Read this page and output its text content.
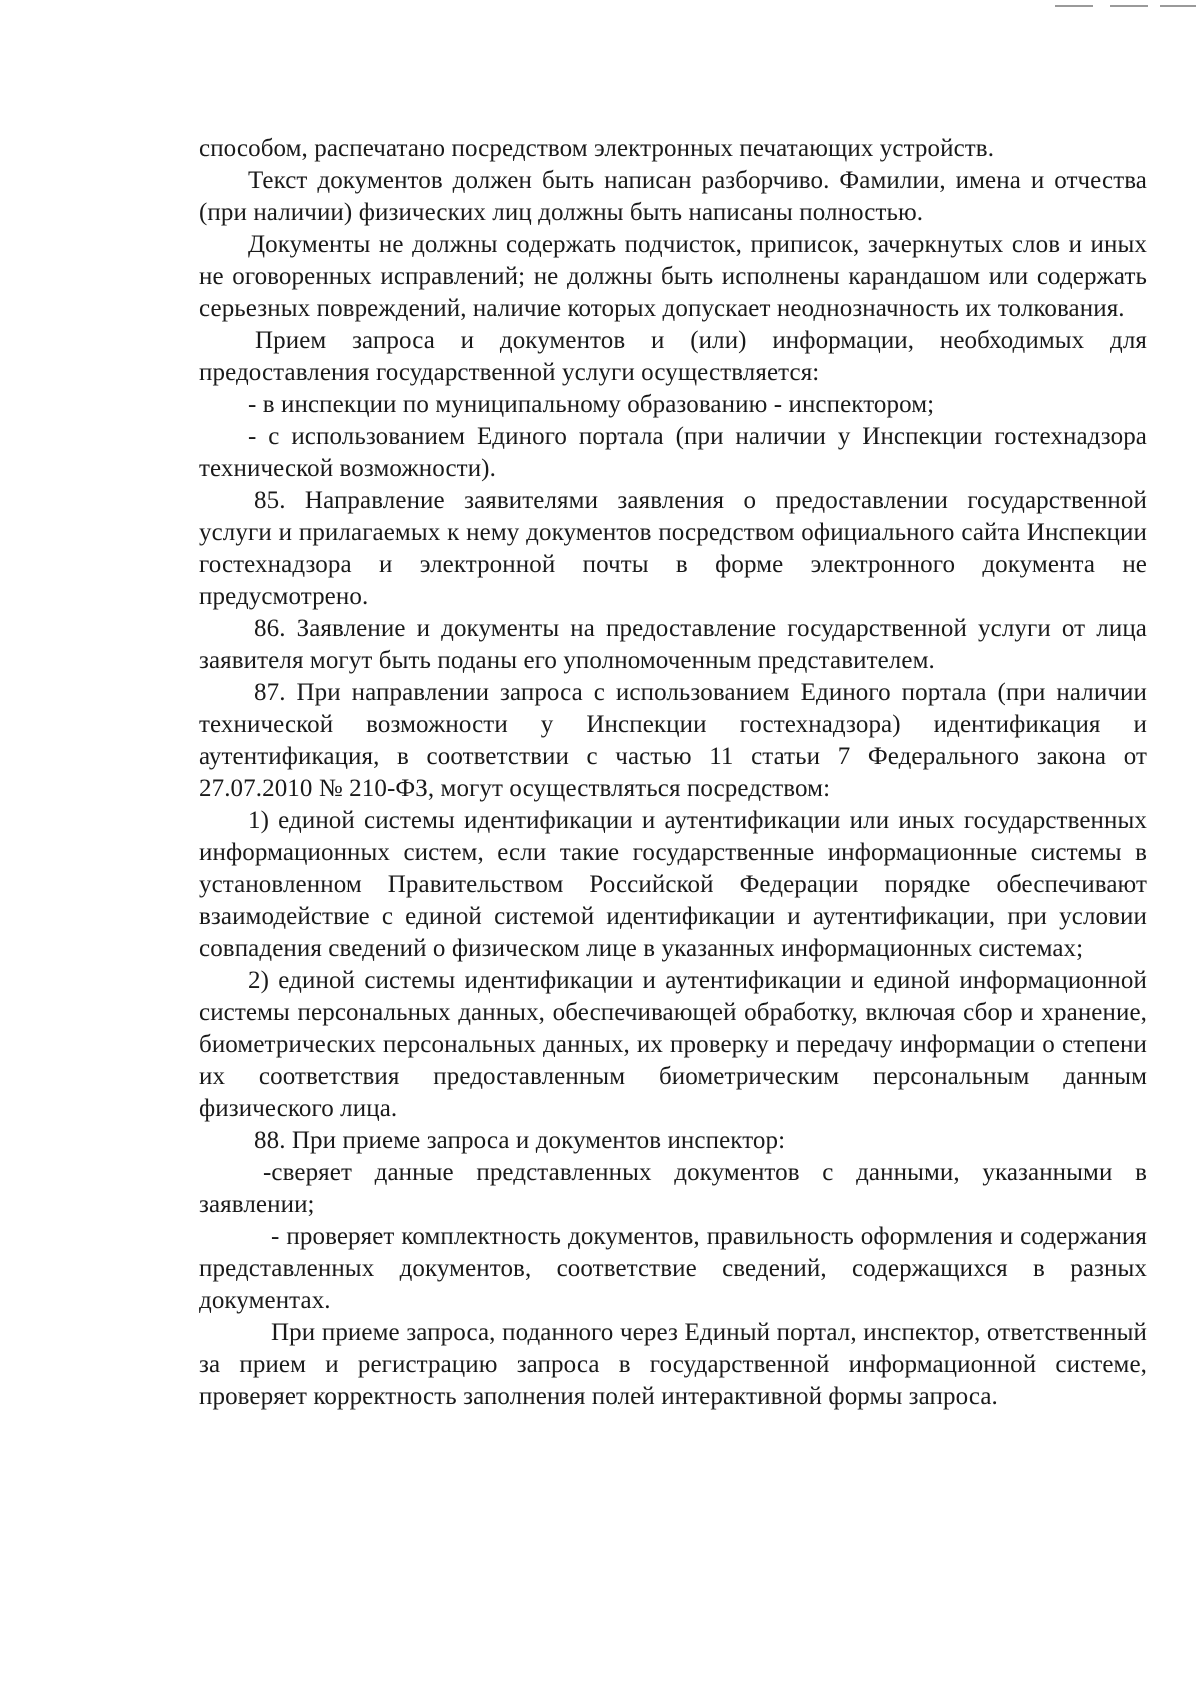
способом, распечатано посредством электронных печатающих устройств.

Текст документов должен быть написан разборчиво. Фамилии, имена и отчества (при наличии) физических лиц должны быть написаны полностью.

Документы не должны содержать подчисток, приписок, зачеркнутых слов и иных не оговоренных исправлений; не должны быть исполнены карандашом или содержать серьезных повреждений, наличие которых допускает неоднозначность их толкования.

Прием запроса и документов и (или) информации, необходимых для предоставления государственной услуги осуществляется:

- в инспекции по муниципальному образованию - инспектором;

- с использованием Единого портала (при наличии у Инспекции гостехнадзора технической возможности).

85. Направление заявителями заявления о предоставлении государственной услуги и прилагаемых к нему документов посредством официального сайта Инспекции гостехнадзора и электронной почты в форме электронного документа не предусмотрено.

86. Заявление и документы на предоставление государственной услуги от лица заявителя могут быть поданы его уполномоченным представителем.

87. При направлении запроса с использованием Единого портала (при наличии технической возможности у Инспекции гостехнадзора) идентификация и аутентификация, в соответствии с частью 11 статьи 7 Федерального закона от 27.07.2010 № 210-ФЗ, могут осуществляться посредством:

1) единой системы идентификации и аутентификации или иных государственных информационных систем, если такие государственные информационные системы в установленном Правительством Российской Федерации порядке обеспечивают взаимодействие с единой системой идентификации и аутентификации, при условии совпадения сведений о физическом лице в указанных информационных системах;

2) единой системы идентификации и аутентификации и единой информационной системы персональных данных, обеспечивающей обработку, включая сбор и хранение, биометрических персональных данных, их проверку и передачу информации о степени их соответствия предоставленным биометрическим персональным данным физического лица.

88. При приеме запроса и документов инспектор:

-сверяет данные представленных документов с данными, указанными в заявлении;

- проверяет комплектность документов, правильность оформления и содержания представленных документов, соответствие сведений, содержащихся в разных документах.

При приеме запроса, поданного через Единый портал, инспектор, ответственный за прием и регистрацию запроса в государственной информационной системе, проверяет корректность заполнения полей интерактивной формы запроса.
